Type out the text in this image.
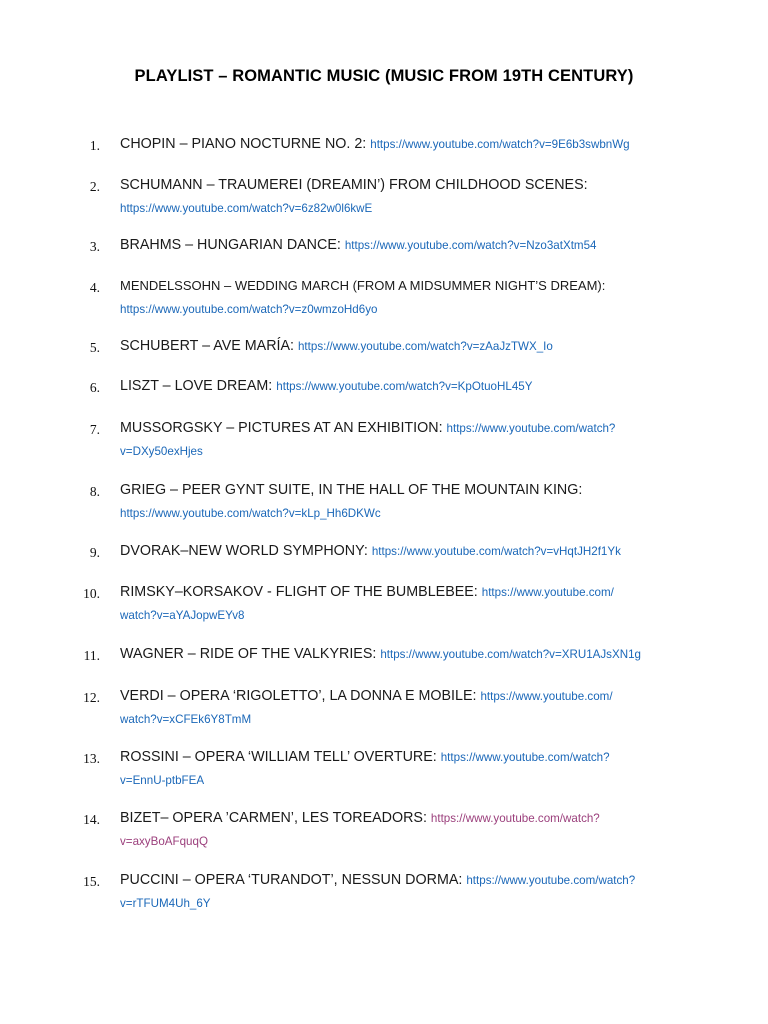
PLAYLIST – ROMANTIC MUSIC (MUSIC FROM 19TH CENTURY)
1. CHOPIN – PIANO NOCTURNE NO. 2: https://www.youtube.com/watch?v=9E6b3swbnWg
2. SCHUMANN – TRAUMEREI (DREAMIN’) FROM CHILDHOOD SCENES:
https://www.youtube.com/watch?v=6z82w0l6kwE
3. BRAHMS – HUNGARIAN DANCE: https://www.youtube.com/watch?v=Nzo3atXtm54
4. MENDELSSOHN – WEDDING MARCH (FROM A MIDSUMMER NIGHT’S DREAM):
https://www.youtube.com/watch?v=z0wmzoHd6yo
5. SCHUBERT – AVE MARÍA: https://www.youtube.com/watch?v=zAaJzTWX_Io
6. LISZT – LOVE DREAM: https://www.youtube.com/watch?v=KpOtuoHL45Y
7. MUSSORGSKY – PICTURES AT AN EXHIBITION: https://www.youtube.com/watch?
v=DXy50exHjes
8. GRIEG – PEER GYNT SUITE, IN THE HALL OF THE MOUNTAIN KING:
https://www.youtube.com/watch?v=kLp_Hh6DKWc
9. DVORAK–NEW WORLD SYMPHONY: https://www.youtube.com/watch?v=vHqtJH2f1Yk
10. RIMSKY–KORSAKOV - FLIGHT OF THE BUMBLEBEE: https://www.youtube.com/
watch?v=aYAJopwEYv8
11. WAGNER – RIDE OF THE VALKYRIES: https://www.youtube.com/watch?v=XRU1AJsXN1g
12. VERDI – OPERA ‘RIGOLETTO’, LA DONNA E MOBILE: https://www.youtube.com/
watch?v=xCFEk6Y8TmM
13. ROSSINI – OPERA ‘WILLIAM TELL’ OVERTURE: https://www.youtube.com/watch?
v=EnnU-ptbFEA
14. BIZET– OPERA ’CARMEN’, LES TOREADORS: https://www.youtube.com/watch?
v=axyBoAFquqQ
15. PUCCINI – OPERA ‘TURANDOT’, NESSUN DORMA: https://www.youtube.com/watch?
v=rTFUM4Uh_6Y
